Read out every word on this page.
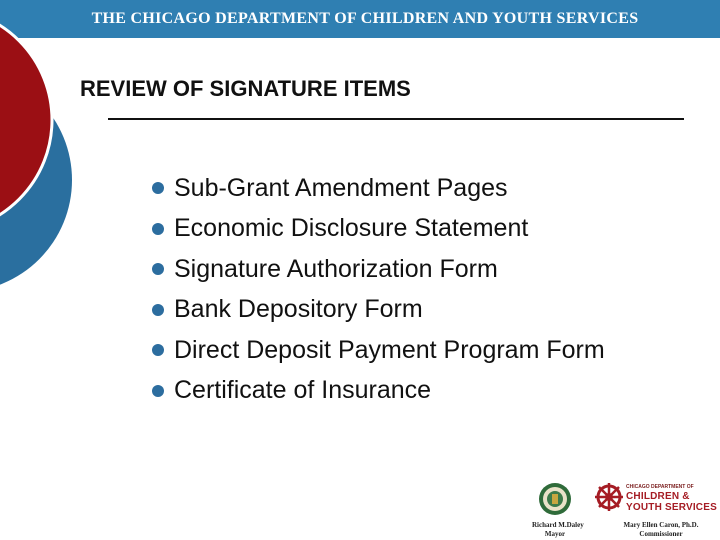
THE CHICAGO DEPARTMENT OF CHILDREN AND YOUTH SERVICES
REVIEW OF SIGNATURE ITEMS
Sub-Grant Amendment Pages
Economic Disclosure Statement
Signature Authorization Form
Bank Depository Form
Direct Deposit Payment Program Form
Certificate of Insurance
Richard M.Daley
Mayor
CHICAGO DEPARTMENT OF
CHILDREN &
YOUTH SERVICES
Mary Ellen Caron, Ph.D.
Commissioner
